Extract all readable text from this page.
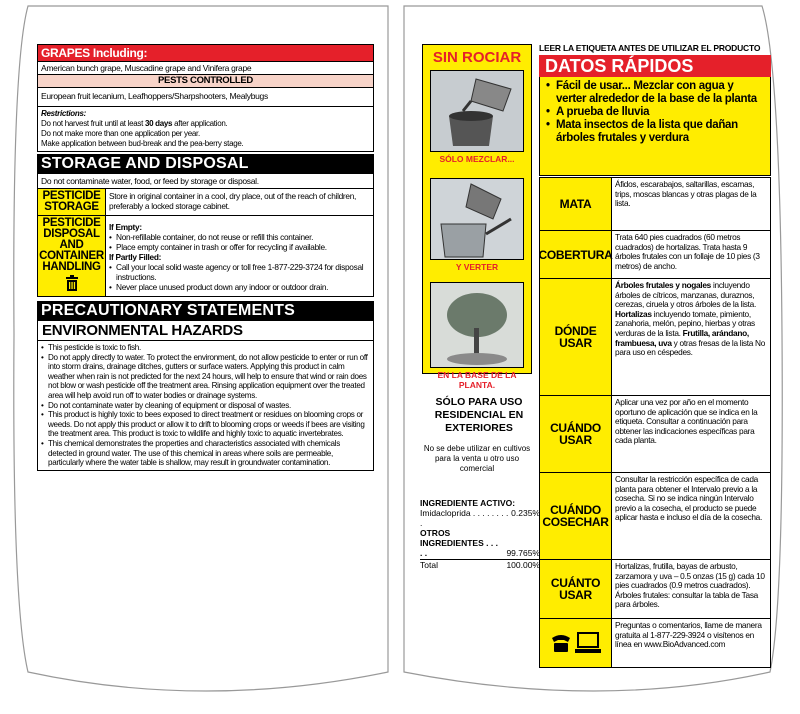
GRAPES Including:
American bunch grape, Muscadine grape and Vinifera grape
PESTS CONTROLLED
European fruit lecanium, Leafhoppers/Sharpshooters, Mealybugs
Restrictions:
Do not harvest fruit until at least 30 days after application.
Do not make more than one application per year.
Make application between bud-break and the pea-berry stage.
STORAGE AND DISPOSAL
Do not contaminate water, food, or feed by storage or disposal.
PESTICIDE STORAGE
Store in original container in a cool, dry place, out of the reach of children, preferably a locked storage cabinet.
PESTICIDE DISPOSAL AND CONTAINER HANDLING
If Empty:
• Non-refillable container, do not reuse or refill this container.
• Place empty container in trash or offer for recycling if available.
If Partly Filled:
• Call your local solid waste agency or toll free 1-877-229-3724 for disposal instructions.
• Never place unused product down any indoor or outdoor drain.
PRECAUTIONARY STATEMENTS
ENVIRONMENTAL HAZARDS
• This pesticide is toxic to fish.
• Do not apply directly to water. To protect the environment, do not allow pesticide to enter or run off into storm drains, drainage ditches, gutters or surface waters. Applying this product in calm weather when rain is not predicted for the next 24 hours, will help to ensure that wind or rain does not blow or wash pesticide off the treatment area. Rinsing application equipment over the treated area will help avoid run off to water bodies or drainage systems.
• Do not contaminate water by cleaning of equipment or disposal of wastes.
• This product is highly toxic to bees exposed to direct treatment or residues on blooming crops or weeds. Do not apply this product or allow it to drift to blooming crops or weeds if bees are visiting the treatment area. This product is toxic to wildlife and highly toxic to aquatic invertebrates.
• This chemical demonstrates the properties and characteristics associated with chemicals detected in ground water. The use of this chemical in areas where soils are permeable, particularly where the water table is shallow, may result in groundwater contamination.
SIN ROCIAR
SÓLO MEZCLAR...
Y VERTER
EN LA BASE DE LA PLANTA.
SÓLO PARA USO RESIDENCIAL EN EXTERIORES
No se debe utilizar en cultivos para la venta u otro uso comercial
INGREDIENTE ACTIVO:
Imidacloprida . . . . . . . . .
0.235%
OTROS INGREDIENTES . . . . .	99.765%
Total	100.00%
LEER LA ETIQUETA ANTES DE UTILIZAR EL PRODUCTO
DATOS RÁPIDOS
• Fácil de usar... Mezclar con agua y verter alrededor de la base de la planta
• A prueba de lluvia
• Mata insectos de la lista que dañan árboles frutales y verdura
MATA
Áfidos, escarabajos, saltarillas, escamas, trips, moscas blancas y otras plagas de la lista.
COBERTURA
Trata 640 pies cuadrados (60 metros cuadrados) de hortalizas. Trata hasta 9 árboles frutales con un follaje de 10 pies (3 metros) de ancho.
DÓNDE USAR
Árboles frutales y nogales incluyendo árboles de cítricos, manzanas, duraznos, cerezas, ciruela y otros árboles de la lista. Hortalizas incluyendo tomate, pimiento, zanahoria, melón, pepino, hierbas y otras verduras de la lista. Frutilla, arándano, frambuesa, uva y otras fresas de la lista No para uso en céspedes.
CUÁNDO USAR
Aplicar una vez por año en el momento oportuno de aplicación que se indica en la etiqueta. Consultar a continuación para obtener las indicaciones específicas para cada planta.
CUÁNDO COSECHAR
Consultar la restricción específica de cada planta para obtener el Intervalo previo a la cosecha. Si no se indica ningún Intervalo previo a la cosecha, el producto se puede aplicar hasta e incluso el día de la cosecha.
CUÁNTO USAR
Hortalizas, frutilla, bayas de arbusto, zarzamora y uva – 0.5 onzas (15 g) cada 10 pies cuadrados (0.9 metros cuadrados). Árboles frutales: consultar la tabla de Tasa para árboles.
Preguntas o comentarios, llame de manera gratuita al 1-877-229-3924 o visítenos en línea en www.BioAdvanced.com
